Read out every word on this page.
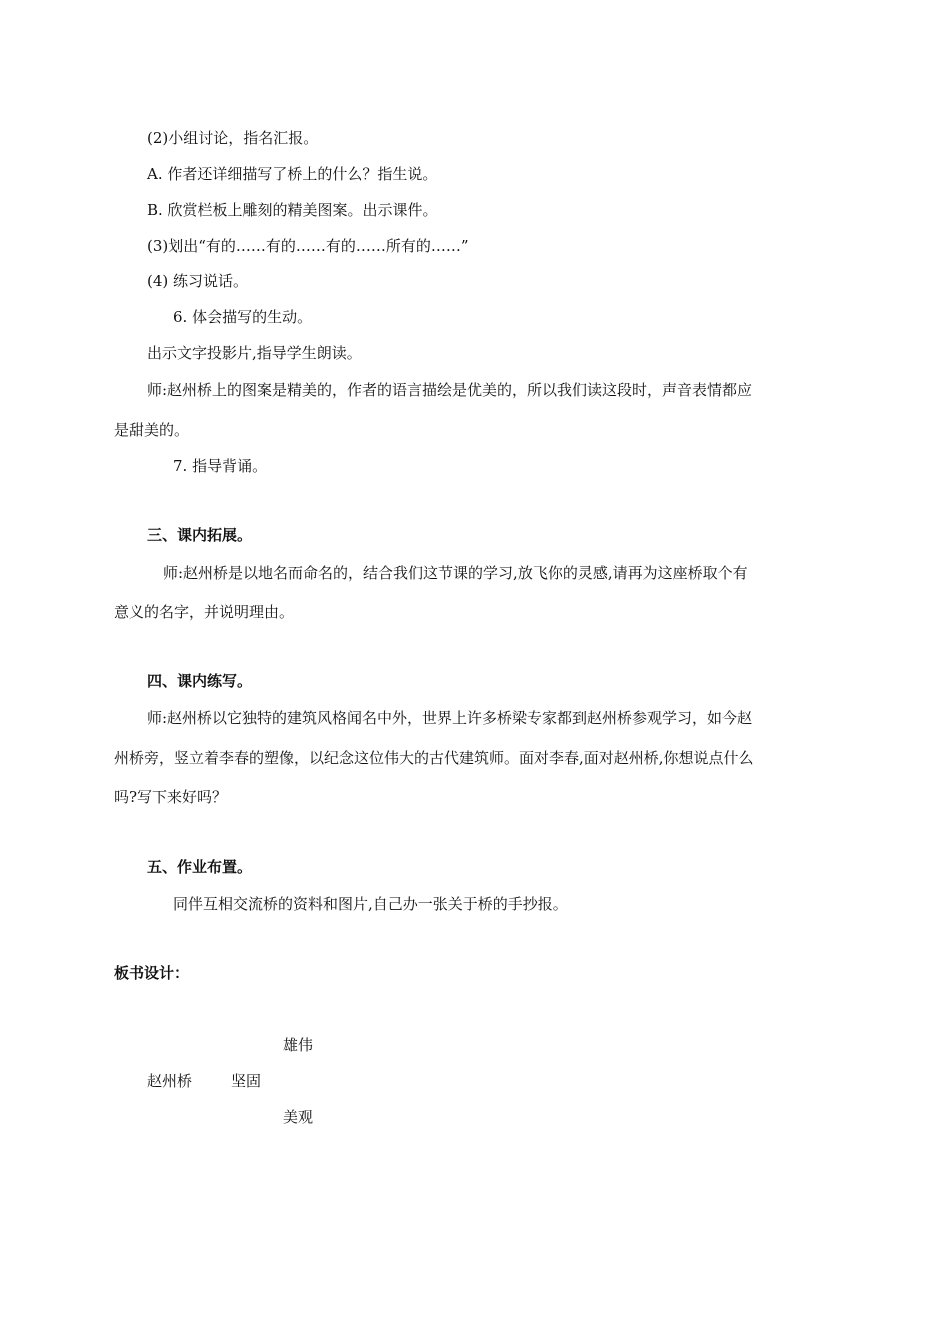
(2)小组讨论，指名汇报。
A. 作者还详细描写了桥上的什么？指生说。
B. 欣赏栏板上雕刻的精美图案。出示课件。
(3)划出“有的……有的……有的……所有的……”
(4) 练习说话。
6. 体会描写的生动。
出示文字投影片,指导学生朗读。
师:赵州桥上的图案是精美的，作者的语言描绘是优美的，所以我们读这段时，声音表情都应
是甜美的。
7. 指导背诵。
三、课内拓展。
师:赵州桥是以地名而命名的，结合我们这节课的学习,放飞你的灵感,请再为这座桥取个有
意义的名字，并说明理由。
四、课内练写。
师:赵州桥以它独特的建筑风格闻名中外，世界上许多桥梁专家都到赵州桥参观学习，如今赵
州桥旁，竖立着李春的塑像，以纪念这位伟大的古代建筑师。面对李春,面对赵州桥,你想说点什么
吗?写下来好吗？
五、作业布置。
同伴互相交流桥的资料和图片,自己办一张关于桥的手抄报。
板书设计：
雄伟
赵州桥	坚固
美观
